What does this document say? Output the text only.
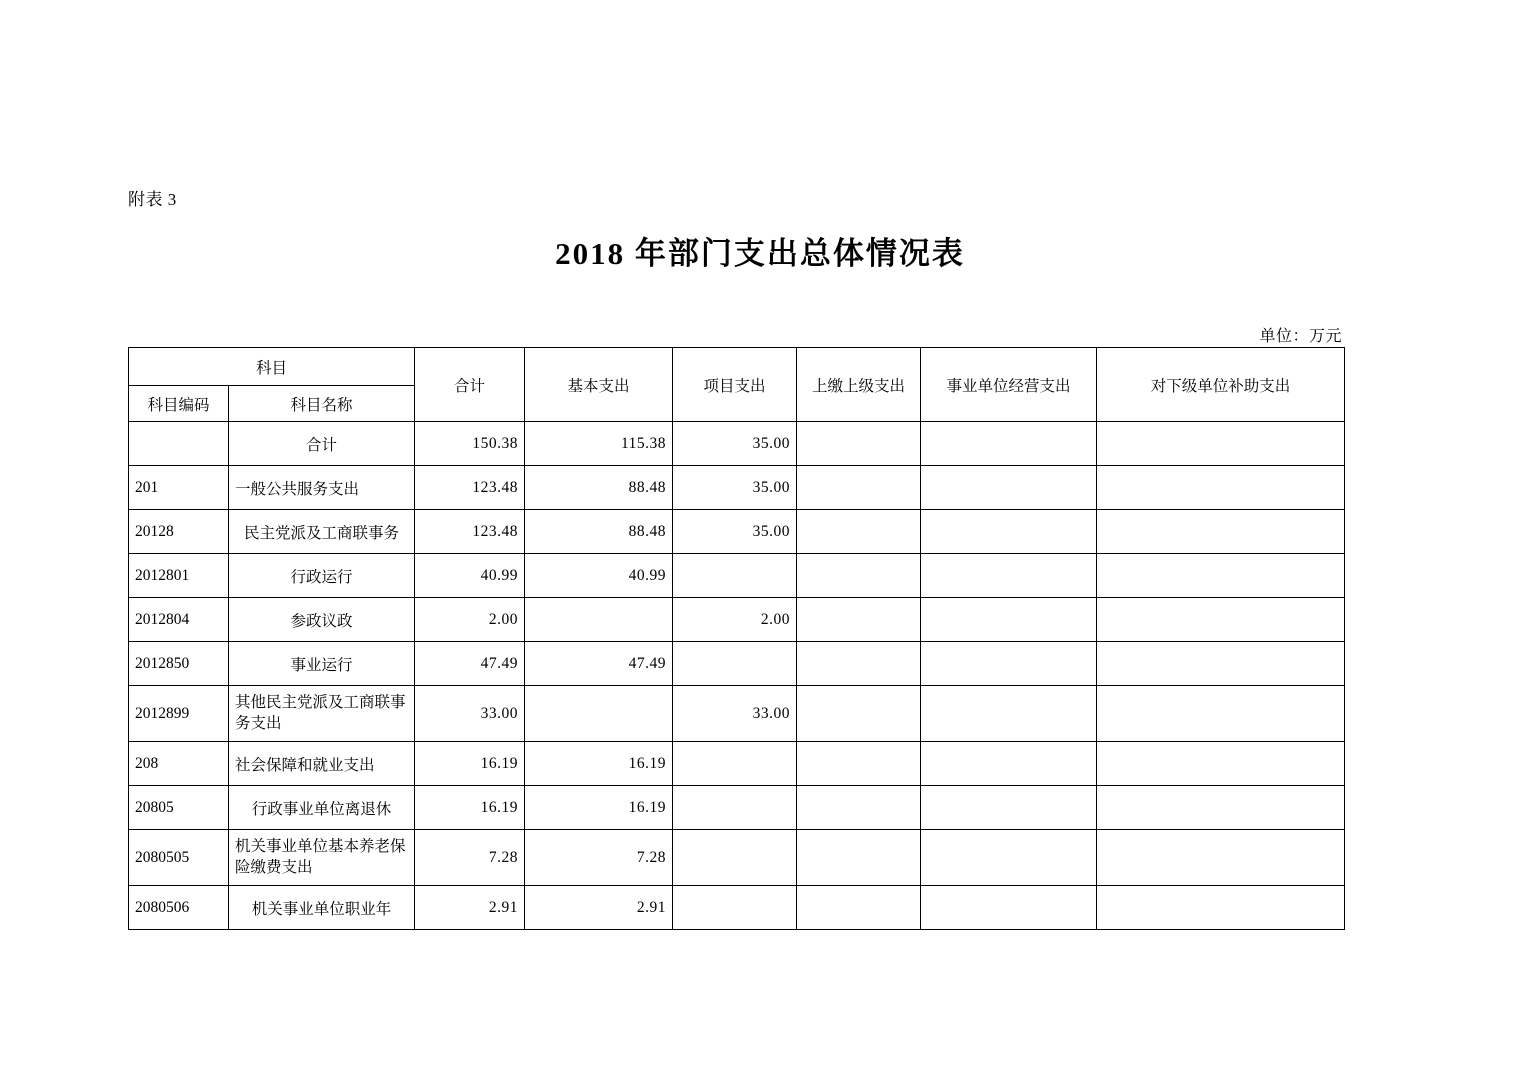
附表 3
2018 年部门支出总体情况表
单位：万元
科目		合计	基本支出	项目支出	上缴上级支出	事业单位经营支出	对下级单位补助支出
科目编码	科目名称						
	合计	150.38	115.38	35.00			
201	一般公共服务支出	123.48	88.48	35.00			
20128	民主党派及工商联事务	123.48	88.48	35.00			
2012801	行政运行	40.99	40.99				
2012804	参政议政	2.00		2.00			
2012850	事业运行	47.49	47.49				
2012899	其他民主党派及工商联事务支出	33.00		33.00			
208	社会保障和就业支出	16.19	16.19				
20805	行政事业单位离退休	16.19	16.19				
2080505	机关事业单位基本养老保险缴费支出	7.28	7.28				
2080506	机关事业单位职业年	2.91	2.91				
